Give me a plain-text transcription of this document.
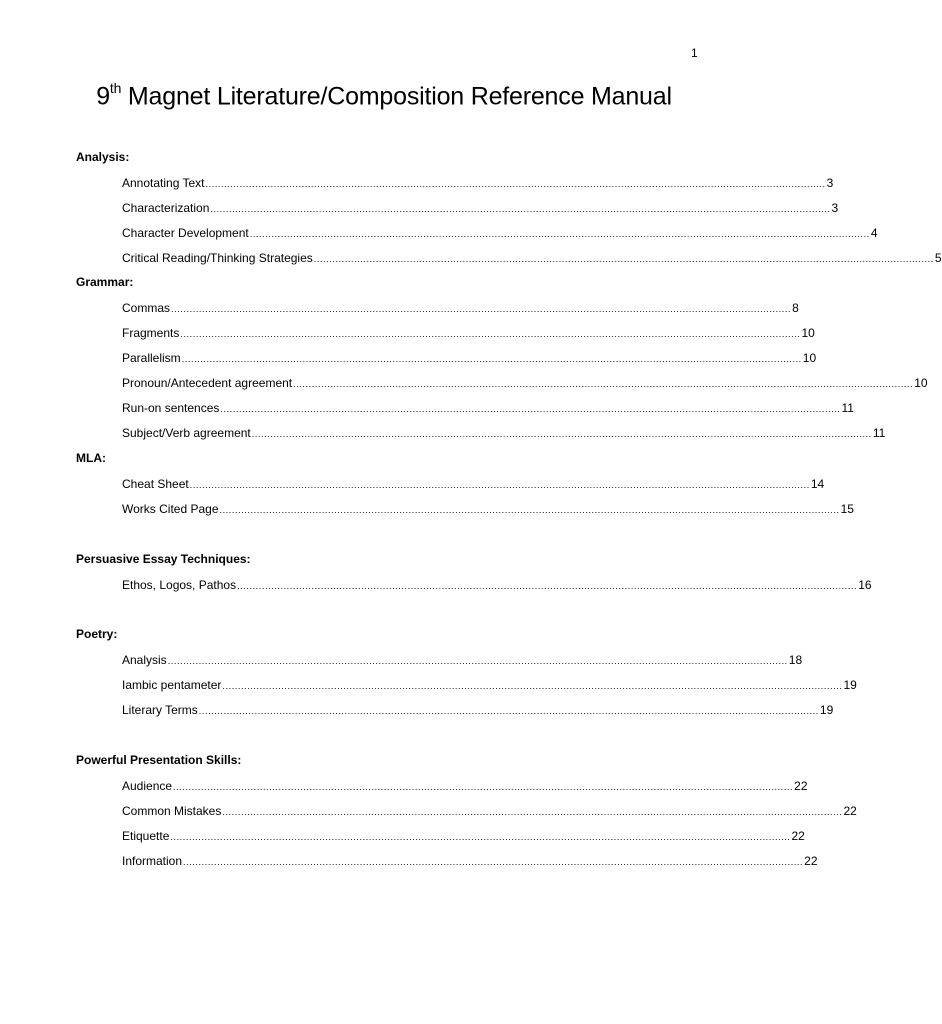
1
9th Magnet Literature/Composition Reference Manual
Analysis:
Annotating Text ........................................................................................................................................................................................................ 3
Characterization ........................................................................................................................................................................................................ 3
Character Development ........................................................................................................................................................................................................ 4
Critical Reading/Thinking Strategies ........................................................................................................................................................................................................ 5
Grammar:
Commas ........................................................................................................................................................................................................ 8
Fragments ........................................................................................................................................................................................................ 10
Parallelism ........................................................................................................................................................................................................ 10
Pronoun/Antecedent agreement ........................................................................................................................................................................................................ 10
Run-on sentences ........................................................................................................................................................................................................ 11
Subject/Verb agreement ........................................................................................................................................................................................................ 11
MLA:
Cheat Sheet ........................................................................................................................................................................................................ 14
Works Cited Page ........................................................................................................................................................................................................ 15
Persuasive Essay Techniques:
Ethos, Logos, Pathos ........................................................................................................................................................................................................ 16
Poetry:
Analysis ........................................................................................................................................................................................................ 18
Iambic pentameter ........................................................................................................................................................................................................ 19
Literary Terms ........................................................................................................................................................................................................ 19
Powerful Presentation Skills:
Audience ........................................................................................................................................................................................................ 22
Common Mistakes ........................................................................................................................................................................................................ 22
Etiquette ........................................................................................................................................................................................................ 22
Information ........................................................................................................................................................................................................ 22
